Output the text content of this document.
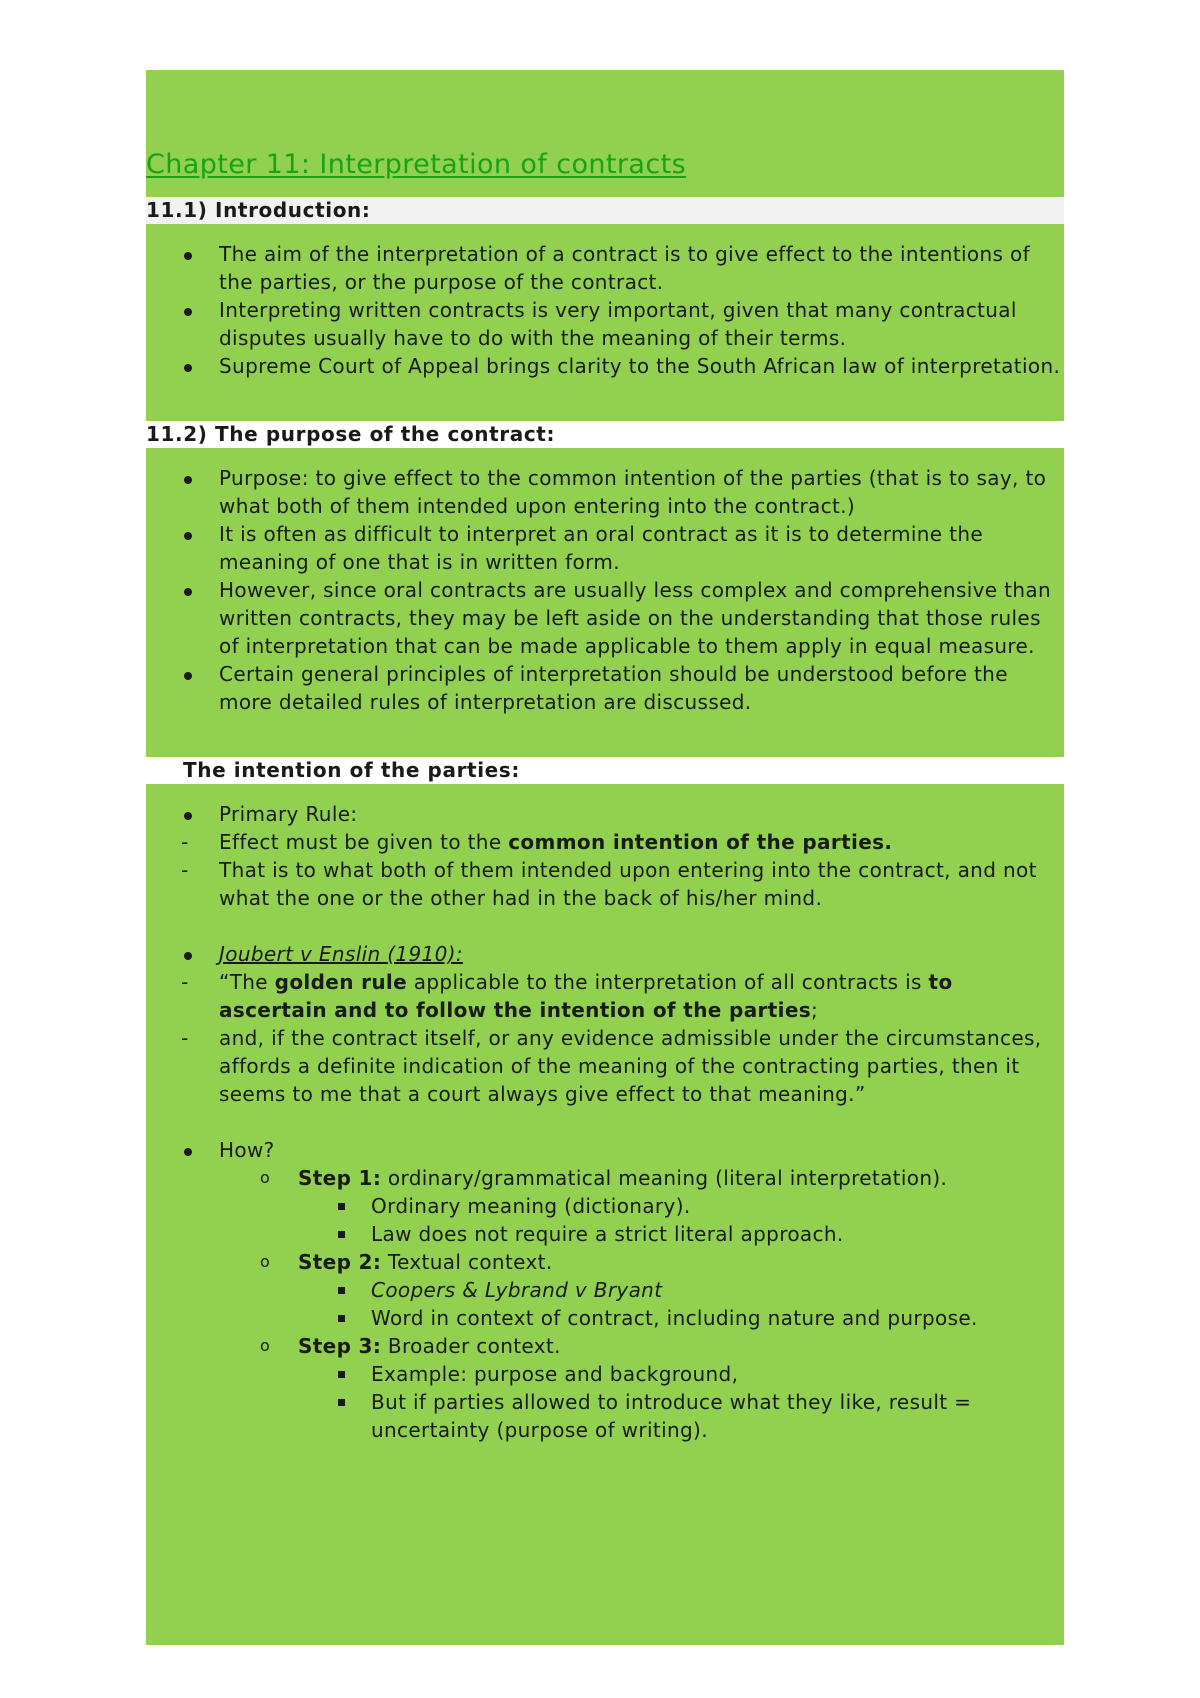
Chapter 11: Interpretation of contracts
11.1) Introduction:
The aim of the interpretation of a contract is to give effect to the intentions of the parties, or the purpose of the contract.
Interpreting written contracts is very important, given that many contractual disputes usually have to do with the meaning of their terms.
Supreme Court of Appeal brings clarity to the South African law of interpretation.
11.2) The purpose of the contract:
Purpose: to give effect to the common intention of the parties (that is to say, to what both of them intended upon entering into the contract.)
It is often as difficult to interpret an oral contract as it is to determine the meaning of one that is in written form.
However, since oral contracts are usually less complex and comprehensive than written contracts, they may be left aside on the understanding that those rules of interpretation that can be made applicable to them apply in equal measure.
Certain general principles of interpretation should be understood before the more detailed rules of interpretation are discussed.
The intention of the parties:
Primary Rule:
-	Effect must be given to the common intention of the parties.
-	That is to what both of them intended upon entering into the contract, and not what the one or the other had in the back of his/her mind.
Joubert v Enslin (1910):
-	“The golden rule applicable to the interpretation of all contracts is to ascertain and to follow the intention of the parties;
-	and, if the contract itself, or any evidence admissible under the circumstances, affords a definite indication of the meaning of the contracting parties, then it seems to me that a court always give effect to that meaning.”
How?
o Step 1: ordinary/grammatical meaning (literal interpretation).
Ordinary meaning (dictionary).
Law does not require a strict literal approach.
o Step 2: Textual context.
Coopers & Lybrand v Bryant
Word in context of contract, including nature and purpose.
o Step 3: Broader context.
Example: purpose and background,
But if parties allowed to introduce what they like, result = uncertainty (purpose of writing).
